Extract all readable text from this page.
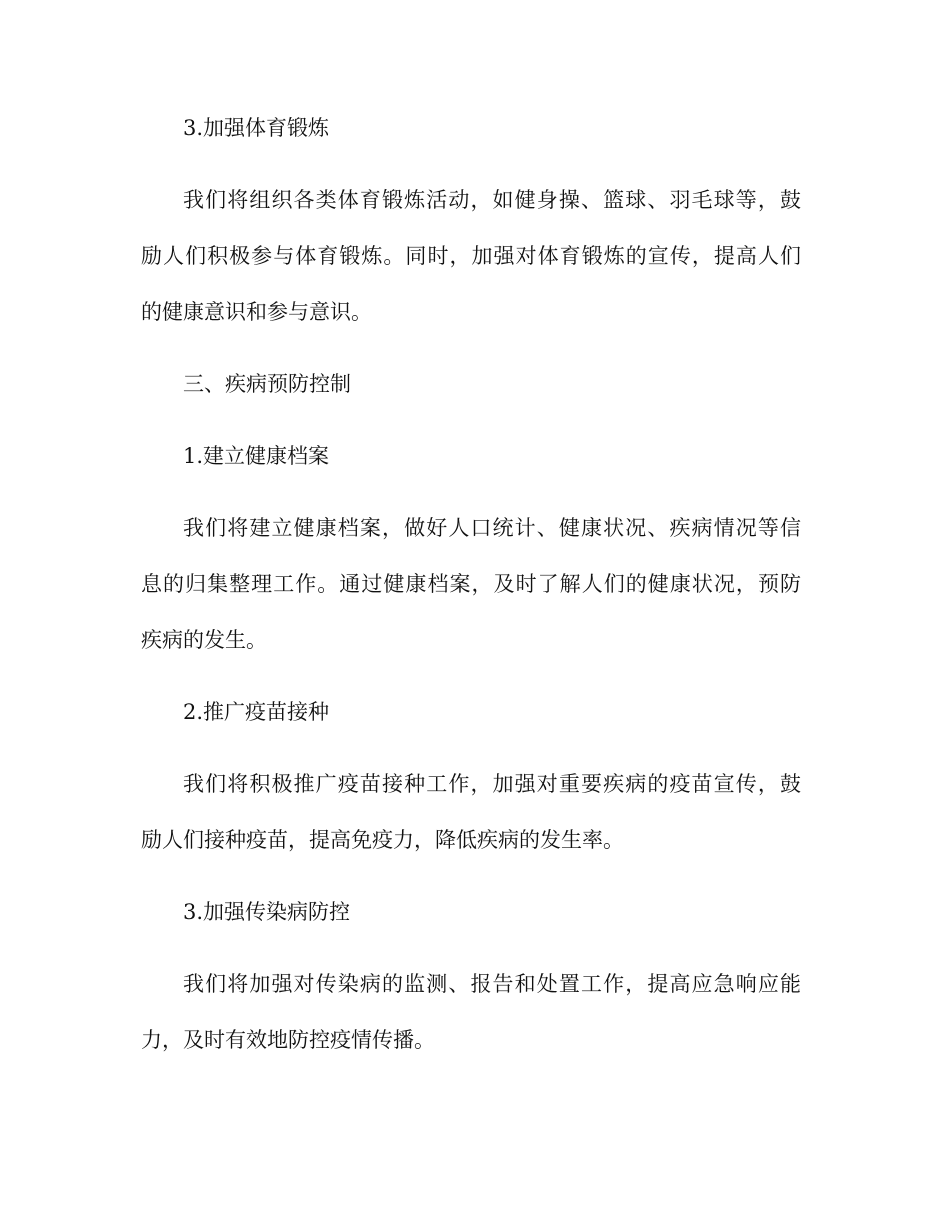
3.加强体育锻炼
我们将组织各类体育锻炼活动，如健身操、篮球、羽毛球等，鼓
励人们积极参与体育锻炼。同时，加强对体育锻炼的宣传，提高人们
的健康意识和参与意识。
三、疾病预防控制
1.建立健康档案
我们将建立健康档案，做好人口统计、健康状况、疾病情况等信
息的归集整理工作。通过健康档案，及时了解人们的健康状况，预防
疾病的发生。
2.推广疫苗接种
我们将积极推广疫苗接种工作，加强对重要疾病的疫苗宣传，鼓
励人们接种疫苗，提高免疫力，降低疾病的发生率。
3.加强传染病防控
我们将加强对传染病的监测、报告和处置工作，提高应急响应能
力，及时有效地防控疫情传播。
